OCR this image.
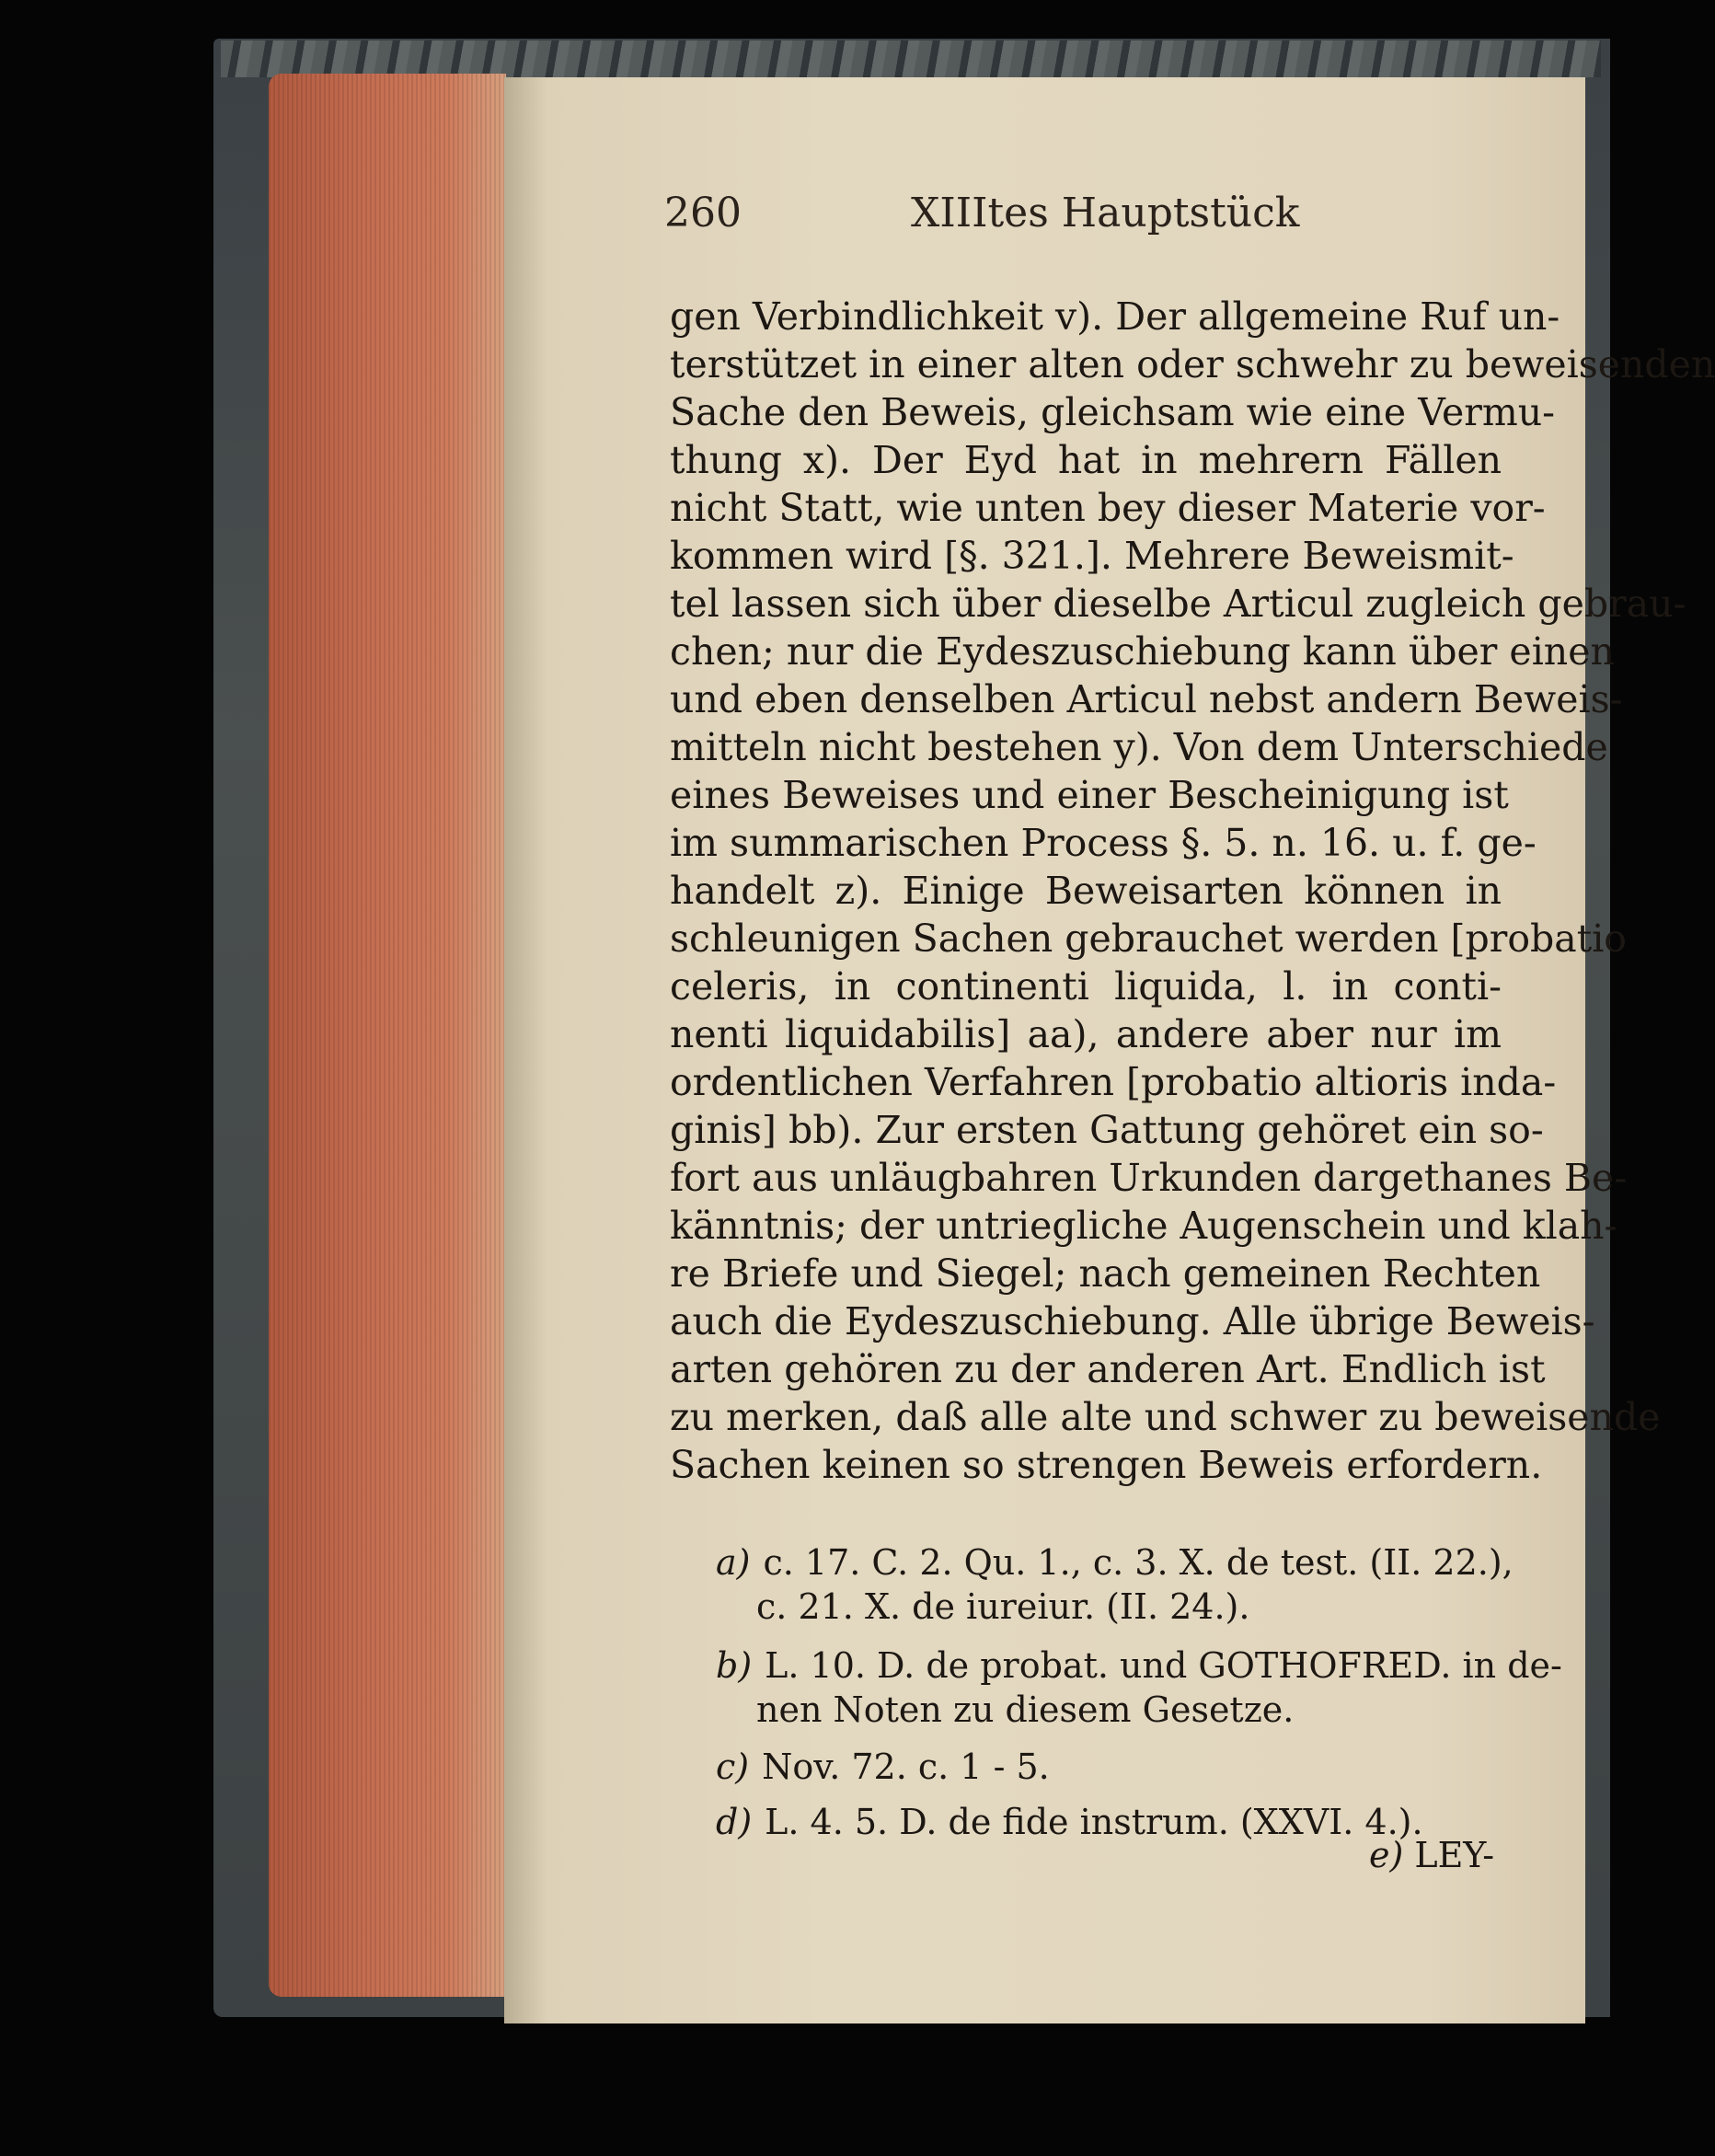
260	XIIItes Hauptstück
gen Verbindlichkeit v). Der allgemeine Ruf un-
terstützet in einer alten oder schwehr zu beweisenden
Sache den Beweis, gleichsam wie eine Vermu-
thung x). Der Eyd hat in mehrern Fällen
nicht Statt, wie unten bey dieser Materie vor-
kommen wird [§. 321.]. Mehrere Beweismit-
tel lassen sich über dieselbe Articul zugleich gebrau-
chen; nur die Eydeszuschiebung kann über einen
und eben denselben Articul nebst andern Beweis-
mitteln nicht bestehen y). Von dem Unterschiede
eines Beweises und einer Bescheinigung ist
im summarischen Process §. 5. n. 16. u. f. ge-
handelt z). Einige Beweisarten können in
schleunigen Sachen gebrauchet werden [probatio
celeris, in continenti liquida, l. in conti-
nenti liquidabilis] aa), andere aber nur im
ordentlichen Verfahren [probatio altioris inda-
ginis] bb). Zur ersten Gattung gehöret ein so-
fort aus unläugbahren Urkunden dargethanes Be-
känntnis; der untriegliche Augenschein und klah-
re Briefe und Siegel; nach gemeinen Rechten
auch die Eydeszuschiebung. Alle übrige Beweis-
arten gehören zu der anderen Art. Endlich ist
zu merken, daß alle alte und schwer zu beweisende
Sachen keinen so strengen Beweis erfordern.
a) c. 17. C. 2. Qu. 1., c. 3. X. de test. (II. 22.),
c. 21. X. de iureiur. (II. 24.).
b) L. 10. D. de probat. und GOTHOFRED. in de-
nen Noten zu diesem Gesetze.
c) Nov. 72. c. 1 - 5.
d) L. 4. 5. D. de fide instrum. (XXVI. 4.).
e) LEY-
